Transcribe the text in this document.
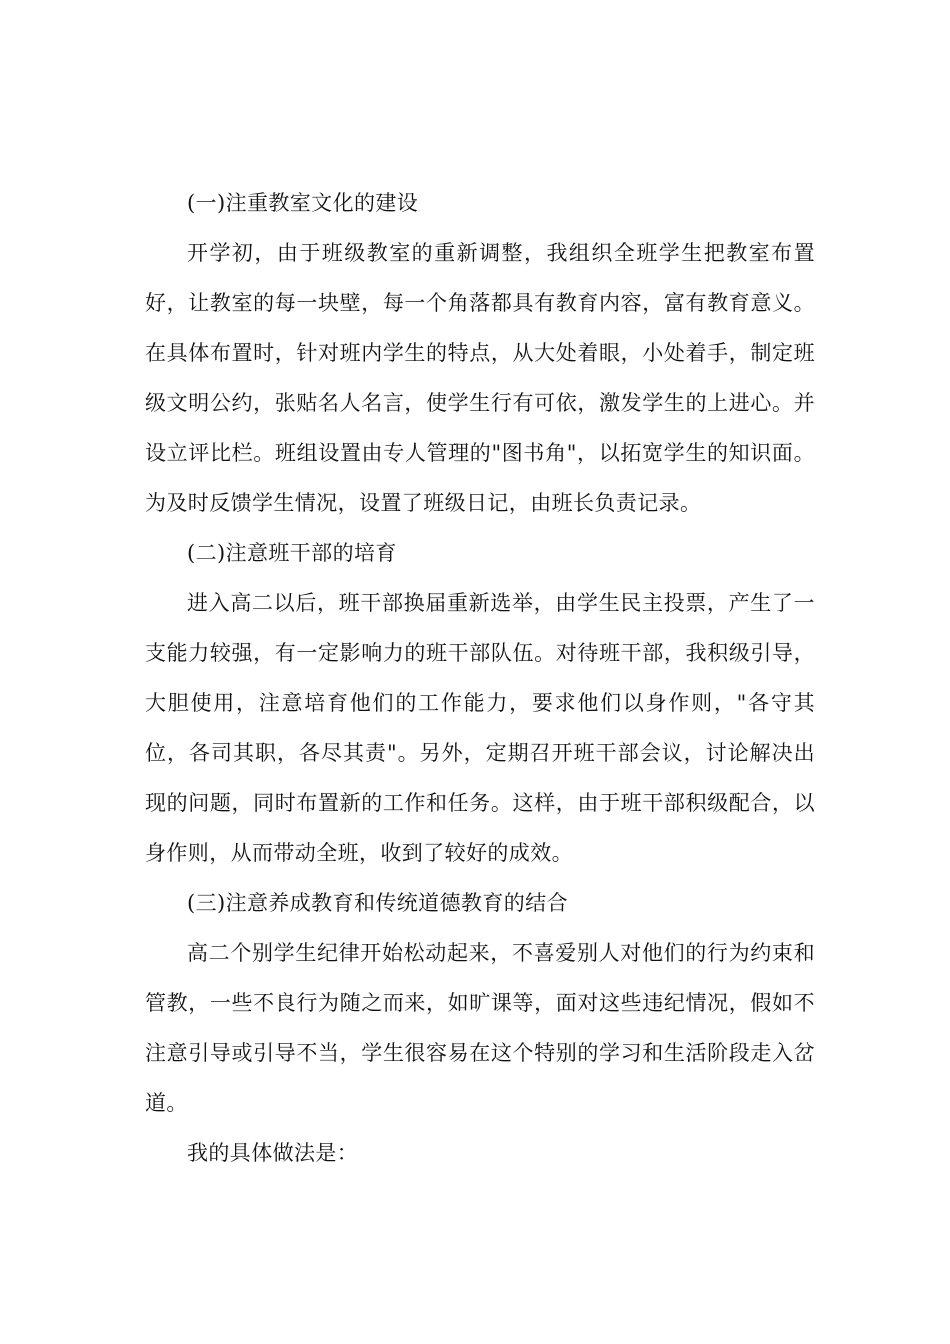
(一)注重教室文化的建设

开学初，由于班级教室的重新调整，我组织全班学生把教室布置好，让教室的每一块壁，每一个角落都具有教育内容，富有教育意义。在具体布置时，针对班内学生的特点，从大处着眼，小处着手，制定班级文明公约，张贴名人名言，使学生行有可依，激发学生的上进心。并设立评比栏。班组设置由专人管理的"图书角"，以拓宽学生的知识面。为及时反馈学生情况，设置了班级日记，由班长负责记录。

(二)注意班干部的培育

进入高二以后，班干部换届重新选举，由学生民主投票，产生了一支能力较强，有一定影响力的班干部队伍。对待班干部，我积级引导，大胆使用，注意培育他们的工作能力，要求他们以身作则，"各守其位，各司其职，各尽其责"。另外，定期召开班干部会议，讨论解决出现的问题，同时布置新的工作和任务。这样，由于班干部积级配合，以身作则，从而带动全班，收到了较好的成效。

(三)注意养成教育和传统道德教育的结合

高二个别学生纪律开始松动起来，不喜爱别人对他们的行为约束和管教，一些不良行为随之而来，如旷课等，面对这些违纪情况，假如不注意引导或引导不当，学生很容易在这个特别的学习和生活阶段走入岔道。

我的具体做法是：
